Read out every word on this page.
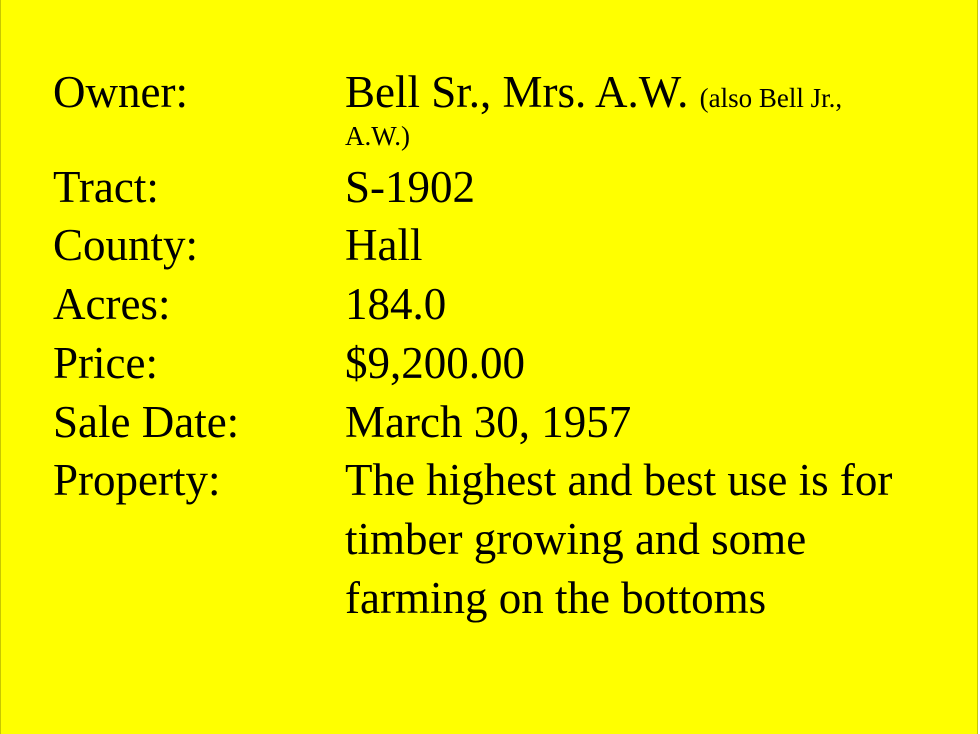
Owner:	Bell Sr., Mrs. A.W. (also Bell Jr.,
A.W.)
Tract:	S-1902
County:	Hall
Acres:	184.0
Price:	$9,200.00
Sale Date: March 30, 1957
Property:	The highest and best use is for
timber growing and some
farming on the bottoms
